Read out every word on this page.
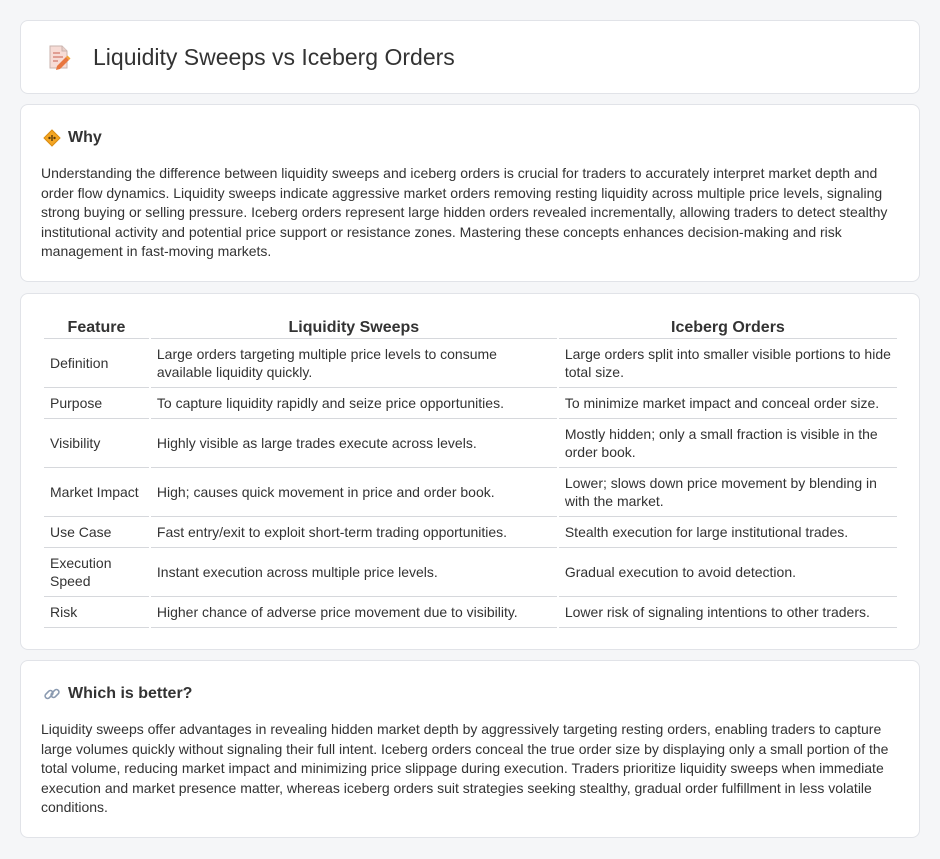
Liquidity Sweeps vs Iceberg Orders
Why

Understanding the difference between liquidity sweeps and iceberg orders is crucial for traders to accurately interpret market depth and order flow dynamics. Liquidity sweeps indicate aggressive market orders removing resting liquidity across multiple price levels, signaling strong buying or selling pressure. Iceberg orders represent large hidden orders revealed incrementally, allowing traders to detect stealthy institutional activity and potential price support or resistance zones. Mastering these concepts enhances decision-making and risk management in fast-moving markets.

Feature	Liquidity Sweeps	Iceberg Orders
Definition	Large orders targeting multiple price levels to consume available liquidity quickly.	Large orders split into smaller visible portions to hide total size.
Purpose	To capture liquidity rapidly and seize price opportunities.	To minimize market impact and conceal order size.
Visibility	Highly visible as large trades execute across levels.	Mostly hidden; only a small fraction is visible in the order book.
Market Impact	High; causes quick movement in price and order book.	Lower; slows down price movement by blending in with the market.
Use Case	Fast entry/exit to exploit short-term trading opportunities.	Stealth execution for large institutional trades.
Execution Speed	Instant execution across multiple price levels.	Gradual execution to avoid detection.
Risk	Higher chance of adverse price movement due to visibility.	Lower risk of signaling intentions to other traders.
Which is better?

Liquidity sweeps offer advantages in revealing hidden market depth by aggressively targeting resting orders, enabling traders to capture large volumes quickly without signaling their full intent. Iceberg orders conceal the true order size by displaying only a small portion of the total volume, reducing market impact and minimizing price slippage during execution. Traders prioritize liquidity sweeps when immediate execution and market presence matter, whereas iceberg orders suit strategies seeking stealthy, gradual order fulfillment in less volatile conditions.
